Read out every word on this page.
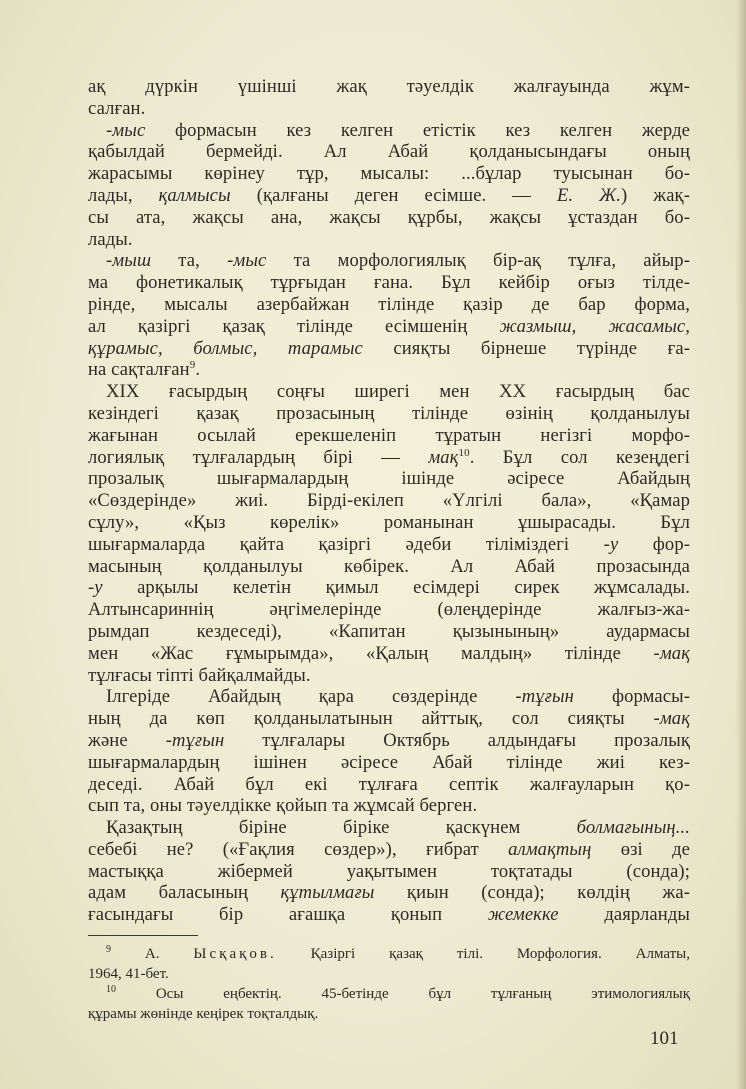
ақ дүркін үшінші жақ тәуелдік жалғауында жұм-
салған.
-мыс формасын кез келген етістік кез келген жерде
қабылдай бермейді. Ал Абай қолданысындағы оның
жарасымы көрінеу тұр, мысалы: ...бұлар туысынан бо-
лады, қалмысы (қалғаны деген есімше. — Е. Ж.) жақ-
сы ата, жақсы ана, жақсы құрбы, жақсы ұстаздан бо-
лады.
-мыш та, -мыс та морфологиялық бір-ақ тұлға, айыр-
ма фонетикалық тұрғыдан ғана. Бұл кейбір оғыз тілде-
рінде, мысалы азербайжан тілінде қазір де бар форма,
ал қазіргі қазақ тілінде есімшенің жазмыш, жасамыс,
құрамыс, болмыс, тарамыс сияқты бірнеше түрінде ға-
на сақталған$^9$.
XIX ғасырдың соңғы ширегі мен XX ғасырдың бас
кезіндегі қазақ прозасының тілінде өзінің қолданылуы
жағынан осылай ерекшеленіп тұратын негізгі морфо-
логиялық тұлғалардың бірі — мақ$^{10}$. Бұл сол кезеңдегі
прозалық шығармалардың ішінде әсіресе Абайдың
«Сөздерінде» жиі. Бірді-екілеп «Үлгілі бала», «Қамар
сұлу», «Қыз көрелік» романынан ұшырасады. Бұл
шығармаларда қайта қазіргі әдеби тіліміздегі -у фор-
масының қолданылуы көбірек. Ал Абай прозасында
-у арқылы келетін қимыл есімдері сирек жұмсалады.
Алтынсариннің әңгімелерінде (өлеңдерінде жалғыз-жа-
рымдап кездеседі), «Капитан қызынының» аудармасы
мен «Жас ғұмырымда», «Қалың малдың» тілінде -мақ
тұлғасы тіпті байқалмайды.
Ілгеріде Абайдың қара сөздерінде -тұғын формасы-
ның да көп қолданылатынын айттық, сол сияқты -мақ
және -тұғын тұлғалары Октябрь алдындағы прозалық
шығармалардың ішінен әсіресе Абай тілінде жиі кез-
деседі. Абай бұл екі тұлғаға септік жалғауларын қо-
сып та, оны тәуелдікке қойып та жұмсай берген.
Қазақтың біріне біріке қаскүнем болмағының...
себебі не? («Ғақлия сөздер»), ғибрат алмақтың өзі де
мастыққа жібермей уақытымен тоқтатады (сонда);
адам баласының құтылмағы қиын (сонда); көлдің жа-
ғасындағы бір ағашқа қонып жемекке даярланды
$^9$ А. Ысқақов. Қазіргі қазақ тілі. Морфология. Алматы,
1964, 41-бет.
$^{10}$ Осы еңбектің. 45-бетінде бұл тұлғаның этимологиялық
құрамы жөнінде кеңірек тоқталдық.
101
